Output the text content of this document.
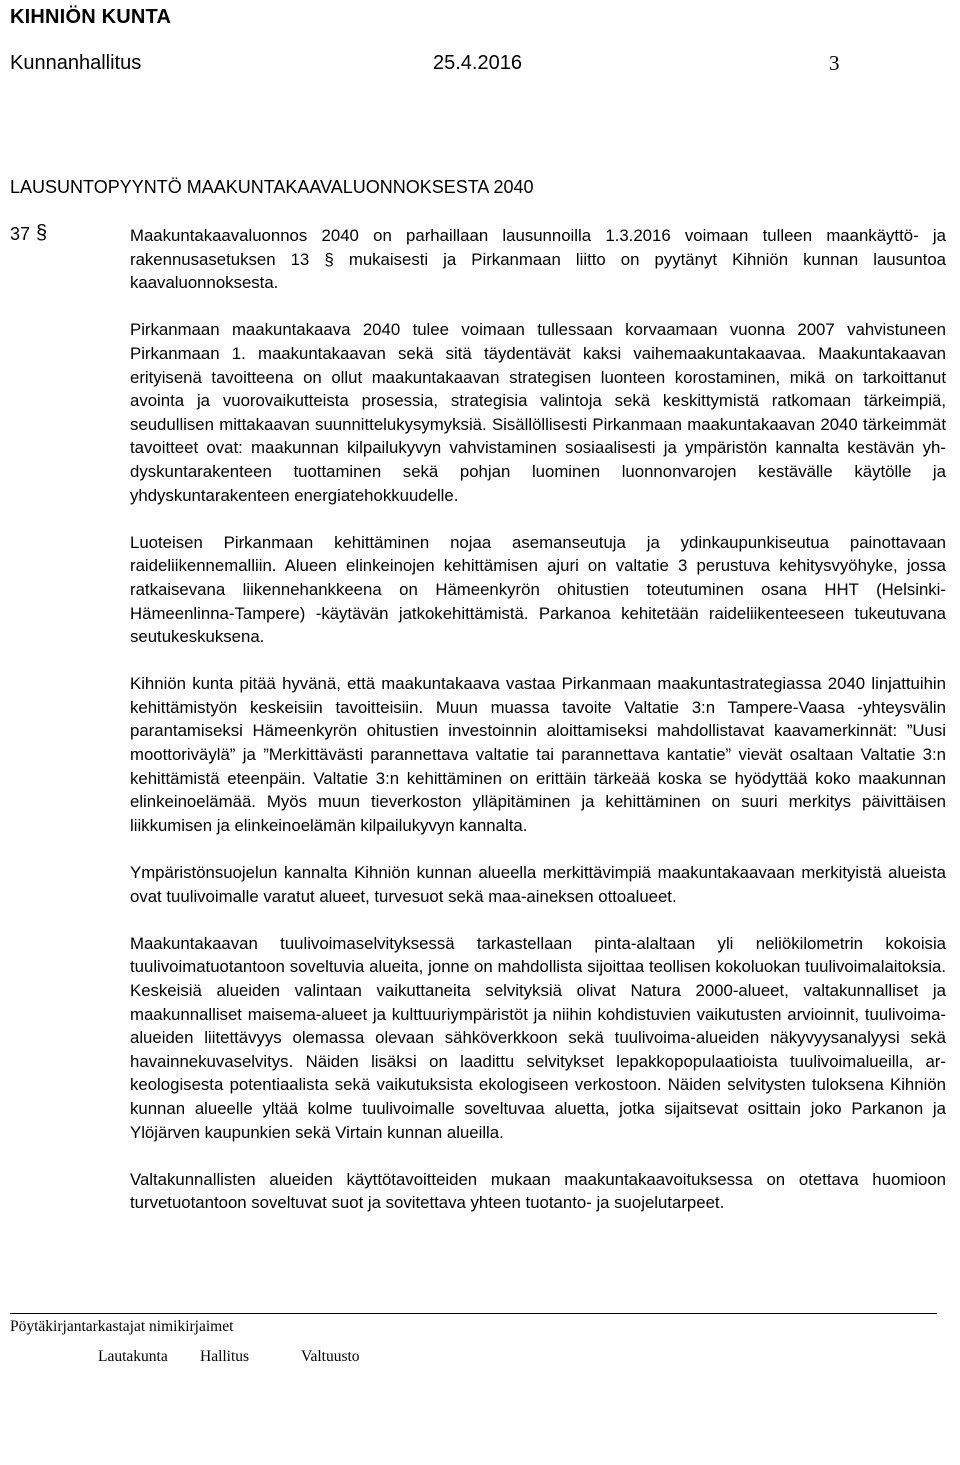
KIHNIÖN KUNTA
Kunnanhallitus	25.4.2016	3
LAUSUNTOPYYNTÖ MAAKUNTAKAAVALUONNOKSESTA 2040
37 §	Maakuntakaavaluonnos 2040 on parhaillaan lausunnoilla 1.3.2016 voimaan tulleen maankäyttö- ja rakennusasetuksen 13 § mukaisesti ja Pirkanmaan liitto on pyytänyt Kihniön kunnan lausuntoa kaavaluonnoksesta.

Pirkanmaan maakuntakaava 2040 tulee voimaan tullessaan korvaamaan vuonna 2007 vahvistuneen Pirkanmaan 1. maakuntakaavan sekä sitä täydentävät kaksi vaihemaakuntakaavaa. Maakuntakaavan erityisenä tavoitteena on ollut maakuntakaavan strategisen luonteen korostaminen, mikä on tarkoittanut avointa ja vuorovaikutteista prosessia, strategisia valintoja sekä keskittymistä ratkomaan tärkeimpiä, seudullisen mittakaavan suunnittelukysymyksiä. Sisällöllisesti Pirkanmaan maakuntakaavan 2040 tärkeimmät tavoitteet ovat: maakunnan kilpailukyvyn vahvistaminen sosiaalisesti ja ympäristön kannalta kestävän yhdyskuntarakenteen tuottaminen sekä pohjan luominen luonnonvarojen kestävälle käytölle ja yhdyskuntarakenteen energiatehokkuudelle.

Luoteisen Pirkanmaan kehittäminen nojaa asemanseutuja ja ydinkaupunkiseutua painottavaan raideliikennemalliin. Alueen elinkeinojen kehittämisen ajuri on valtatie 3 perustuva kehitysvyöhyke, jossa ratkaisevana liikennehankkeena on Hämeenkyrön ohitustien toteutuminen osana HHT (Helsinki-Hämeenlinna-Tampere) -käytävän jatkokehittämistä. Parkanoa kehitetään raideliikenteeseen tukeutuvana seutukeskuksena.

Kihniön kunta pitää hyvänä, että maakuntakaava vastaa Pirkanmaan maakuntastrategiassa 2040 linjattuihin kehittämistyön keskeisiin tavoitteisiin. Muun muassa tavoite Valtatie 3:n Tampere-Vaasa -yhteysvälin parantamiseksi Hämeenkyrön ohitustien investoinnin aloittamiseksi mahdollistavat kaavamerkinnät: ”Uusi moottoriväylä” ja ”Merkittävästi parannettava valtatie tai parannettava kantatie” vievät osaltaan Valtatie 3:n kehittämistä eteenpäin. Valtatie 3:n kehittäminen on erittäin tärkeää koska se hyödyttää koko maakunnan elinkeinoelämää. Myös muun tieverkoston ylläpitäminen ja kehittäminen on suuri merkitys päivittäisen liikkumisen ja elinkeinoelämän kilpailukyvyn kannalta.

Ympäristönsuojelun kannalta Kihniön kunnan alueella merkittävimpiä maakuntakaavaan merkityistä alueista ovat tuulivoimalle varatut alueet, turvesuot sekä maa-aineksen ottoalueet.

Maakuntakaavan tuulivoimaselvityksessä tarkastellaan pinta-alaltaan yli neliökilometrin kokoisia tuulivoimatuotantoon soveltuvia alueita, jonne on mahdollista sijoittaa teollisen kokoluokan tuulivoimalaitoksia. Keskeisiä alueiden valintaan vaikuttaneita selvityksiä olivat Natura 2000-alueet, valtakunnalliset ja maakunnalliset maisema-alueet ja kulttuuriympäristöt ja niihin kohdistuvien vaikutusten arvioinnit, tuulivoima-alueiden liitettävyys olemassa olevaan sähköverkkoon sekä tuulivoima-alueiden näkyvyysanalyysi sekä havainnekuvaselvitys. Näiden lisäksi on laadittu selvitykset lepakkopopulaatioista tuulivoimalueilla, arkeologisesta potentiaalista sekä vaikutuksista ekologiseen verkostoon. Näiden selvitysten tuloksena Kihniön kunnan alueelle yltää kolme tuulivoimalle soveltuvaa aluetta, jotka sijaitsevat osittain joko Parkanon ja Ylöjärven kaupunkien sekä Virtain kunnan alueilla.

Valtakunnallisten alueiden käyttötavoitteiden mukaan maakuntakaavoituksessa on otettava huomioon turvetuotantoon soveltuvat suot ja sovitettava yhteen tuotanto- ja suojelutarpeet.

Pöytäkirjantarkastajat nimikirjaimet
Lautakunta Hallitus	Valtuusto
